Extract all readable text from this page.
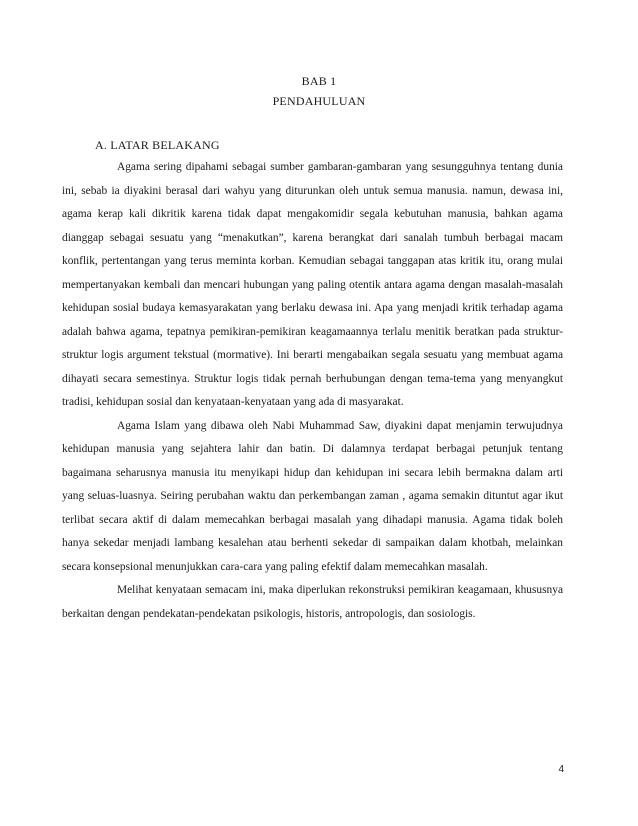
BAB 1
PENDAHULUAN
A. LATAR BELAKANG

Agama sering dipahami sebagai sumber gambaran-gambaran yang sesungguhnya tentang dunia ini, sebab ia diyakini berasal dari wahyu yang diturunkan oleh untuk semua manusia. namun, dewasa ini, agama kerap kali dikritik karena tidak dapat mengakomidir segala kebutuhan manusia, bahkan agama dianggap sebagai sesuatu yang “menakutkan”, karena berangkat dari sanalah tumbuh berbagai macam konflik, pertentangan yang terus meminta korban. Kemudian sebagai tanggapan atas kritik itu, orang mulai mempertanyakan kembali dan mencari hubungan yang paling otentik antara agama dengan masalah-masalah kehidupan sosial budaya kemasyarakatan yang berlaku dewasa ini. Apa yang menjadi kritik terhadap agama adalah bahwa agama, tepatnya pemikiran-pemikiran keagamaannya terlalu menitik beratkan pada struktur-struktur logis argument tekstual (mormative). Ini berarti mengabaikan segala sesuatu yang membuat agama dihayati secara semestinya. Struktur logis tidak pernah berhubungan dengan tema-tema yang menyangkut tradisi, kehidupan sosial dan kenyataan-kenyataan yang ada di masyarakat.

Agama Islam yang dibawa oleh Nabi Muhammad Saw, diyakini dapat menjamin terwujudnya kehidupan manusia yang sejahtera lahir dan batin. Di dalamnya terdapat berbagai petunjuk tentang bagaimana seharusnya manusia itu menyikapi hidup dan kehidupan ini secara lebih bermakna dalam arti yang seluas-luasnya. Seiring perubahan waktu dan perkembangan zaman , agama semakin dituntut agar ikut terlibat secara aktif di dalam memecahkan berbagai masalah yang dihadapi manusia. Agama tidak boleh hanya sekedar menjadi lambang kesalehan atau berhenti sekedar di sampaikan dalam khotbah, melainkan secara konsepsional menunjukkan cara-cara yang paling efektif dalam memecahkan masalah.

Melihat kenyataan semacam ini, maka diperlukan rekonstruksi pemikiran keagamaan, khususnya berkaitan dengan pendekatan-pendekatan psikologis, historis, antropologis, dan sosiologis.

4
